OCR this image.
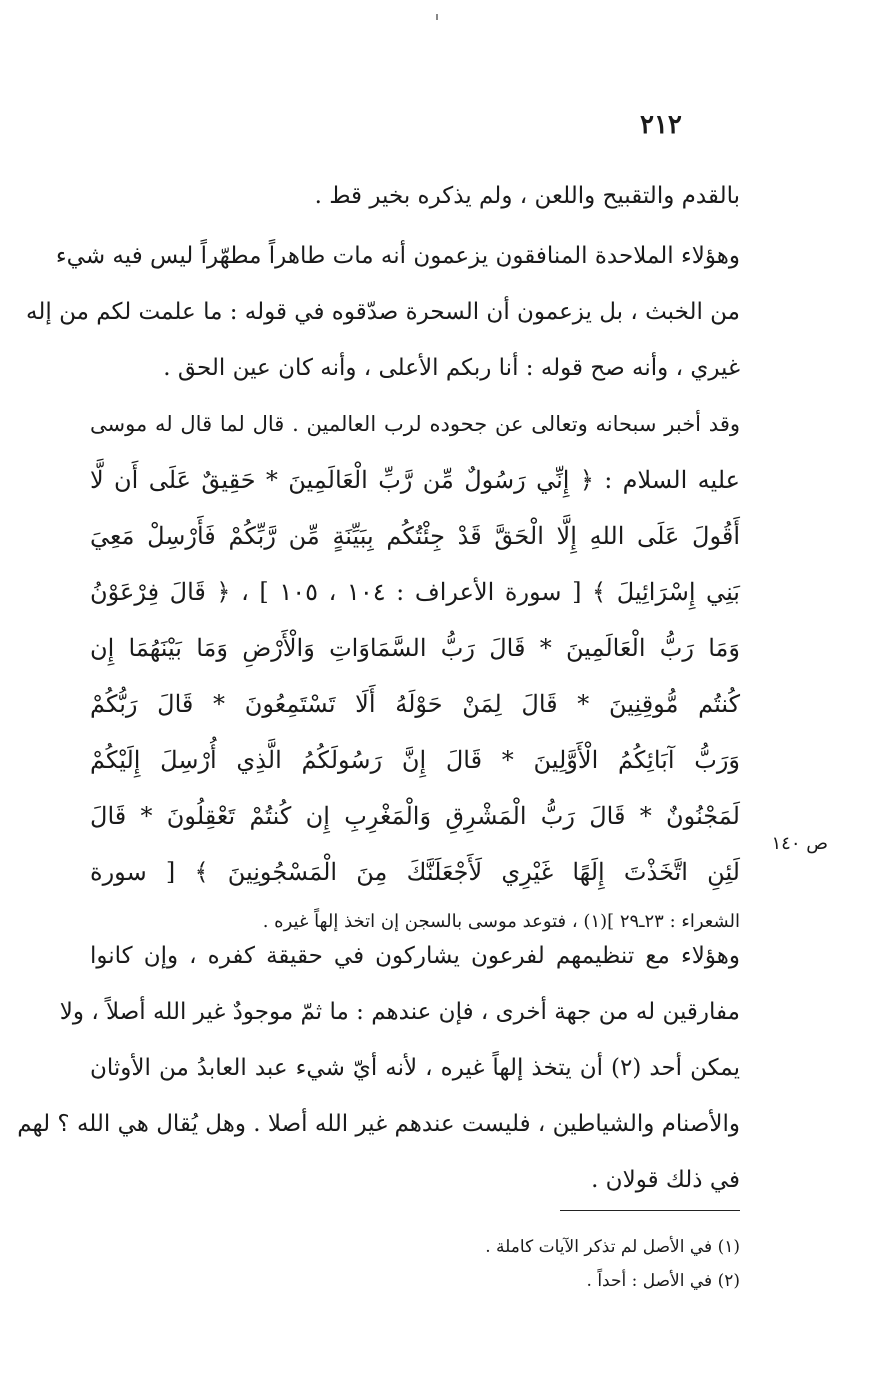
٢١٢
بالقدم والتقبيح واللعن ، ولم يذكره بخير قط .
وهؤلاء الملاحدة المنافقون يزعمون أنه مات طاهراً مطهّراً ليس فيه شيء
من الخبث ، بل يزعمون أن السحرة صدّقوه في قوله : ما علمت لكم من إله
غيري ، وأنه صح قوله : أنا ربكم الأعلى ، وأنه كان عين الحق .
وقد أخبر سبحانه وتعالى عن جحوده لرب العالمين . قال لما قال له موسى
عليه السلام : ﴿ إِنِّي رَسُولٌ مِّن رَّبِّ الْعَالَمِينَ * حَقِيقٌ عَلَى أَن لَّا
أَقُولَ عَلَى اللهِ إِلَّا الْحَقَّ قَدْ جِئْتُكُم بِبَيِّنَةٍ مِّن رَّبِّكُمْ فَأَرْسِلْ مَعِيَ
بَنِي إِسْرَائِيلَ ﴾ [ سورة الأعراف : ١٠٤ ، ١٠٥ ] ، ﴿ قَالَ فِرْعَوْنُ
وَمَا رَبُّ الْعَالَمِينَ * قَالَ رَبُّ السَّمَاوَاتِ وَالْأَرْضِ وَمَا بَيْنَهُمَا إِن
كُنتُم مُّوقِنِينَ * قَالَ لِمَنْ حَوْلَهُ أَلَا تَسْتَمِعُونَ * قَالَ رَبُّكُمْ
وَرَبُّ آبَائِكُمُ الْأَوَّلِينَ * قَالَ إِنَّ رَسُولَكُمُ الَّذِي أُرْسِلَ إِلَيْكُمْ
لَمَجْنُونٌ * قَالَ رَبُّ الْمَشْرِقِ وَالْمَغْرِبِ إِن كُنتُمْ تَعْقِلُونَ * قَالَ
لَئِنِ اتَّخَذْتَ إِلَهًا غَيْرِي لَأَجْعَلَنَّكَ مِنَ الْمَسْجُونِينَ ﴾ [ سورة
الشعراء : ٢٣ـ٢٩ ](١) ، فتوعد موسى بالسجن إن اتخذ إلهاً غيره .
ص ١٤٠
وهؤلاء مع تنظيمهم لفرعون يشاركون في حقيقة كفره ، وإن كانوا
مفارقين له من جهة أخرى ، فإن عندهم : ما ثمّ موجودٌ غير الله أصلاً ، ولا
يمكن أحد (٢) أن يتخذ إلهاً غيره ، لأنه أيّ شيء عبد العابدُ من الأوثان
والأصنام والشياطين ، فليست عندهم غير الله أصلا . وهل يُقال هي الله ؟ لهم
في ذلك قولان .
(١) في الأصل لم تذكر الآيات كاملة .
(٢) في الأصل : أحداً .
